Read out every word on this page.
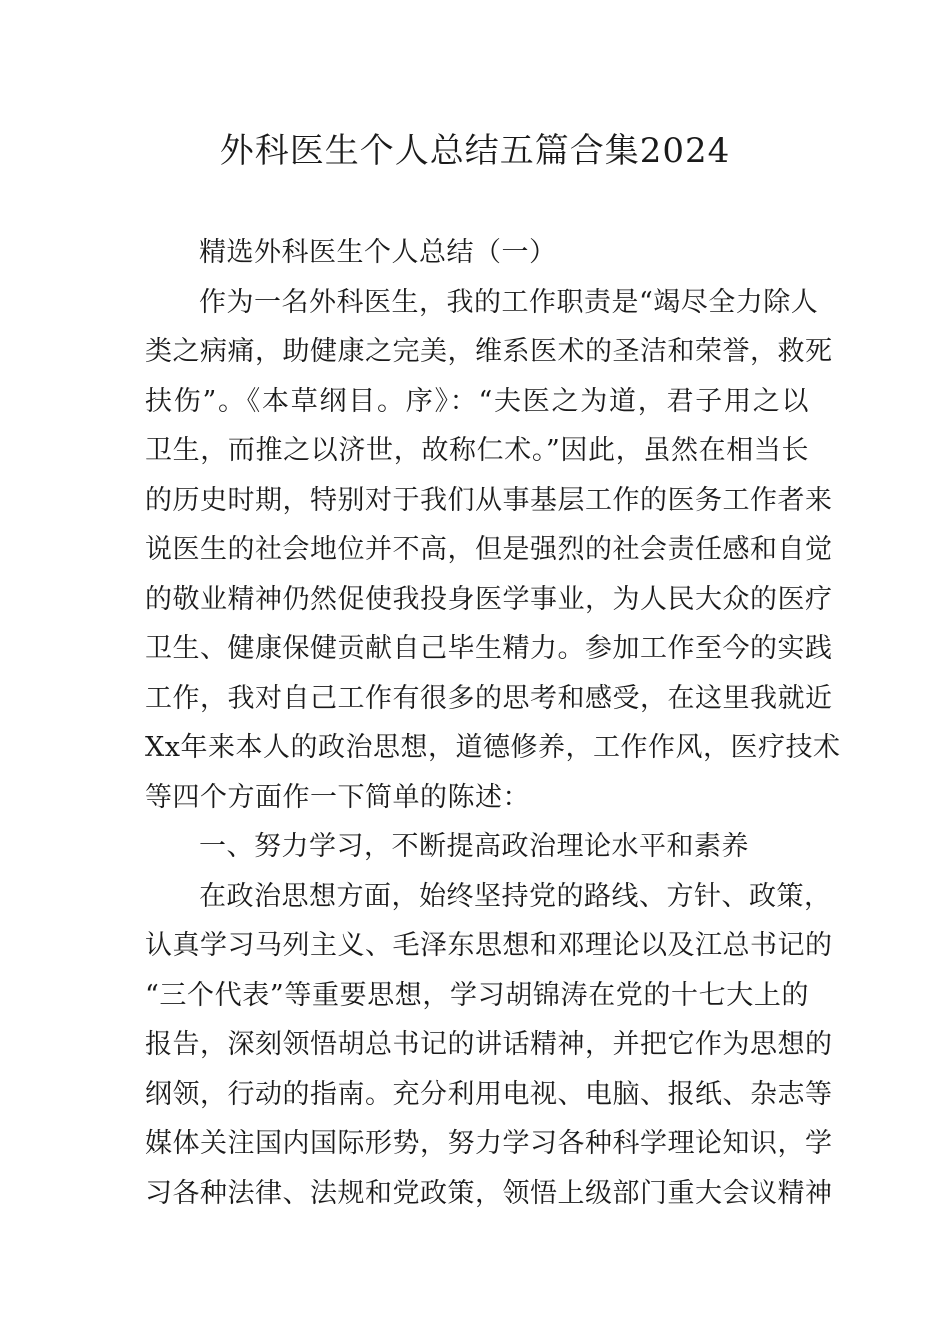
外科医生个人总结五篇合集2024
精选外科医生个人总结（一）
作为一名外科医生，我的工作职责是“竭尽全力除人
类之病痛，助健康之完美，维系医术的圣洁和荣誉，救死
扶伤”。《本草纲目。序》：“夫医之为道，君子用之以
卫生，而推之以济世，故称仁术。”因此，虽然在相当长
的历史时期，特别对于我们从事基层工作的医务工作者来
说医生的社会地位并不高，但是强烈的社会责任感和自觉
的敬业精神仍然促使我投身医学事业，为人民大众的医疗
卫生、健康保健贡献自己毕生精力。参加工作至今的实践
工作，我对自己工作有很多的思考和感受，在这里我就近
Xx年来本人的政治思想，道德修养，工作作风，医疗技术
等四个方面作一下简单的陈述：
一、努力学习，不断提高政治理论水平和素养
在政治思想方面，始终坚持党的路线、方针、政策，
认真学习马列主义、毛泽东思想和邓理论以及江总书记的
“三个代表”等重要思想，学习胡锦涛在党的十七大上的
报告，深刻领悟胡总书记的讲话精神，并把它作为思想的
纲领，行动的指南。充分利用电视、电脑、报纸、杂志等
媒体关注国内国际形势，努力学习各种科学理论知识，学
习各种法律、法规和党政策，领悟上级部门重大会议精神
